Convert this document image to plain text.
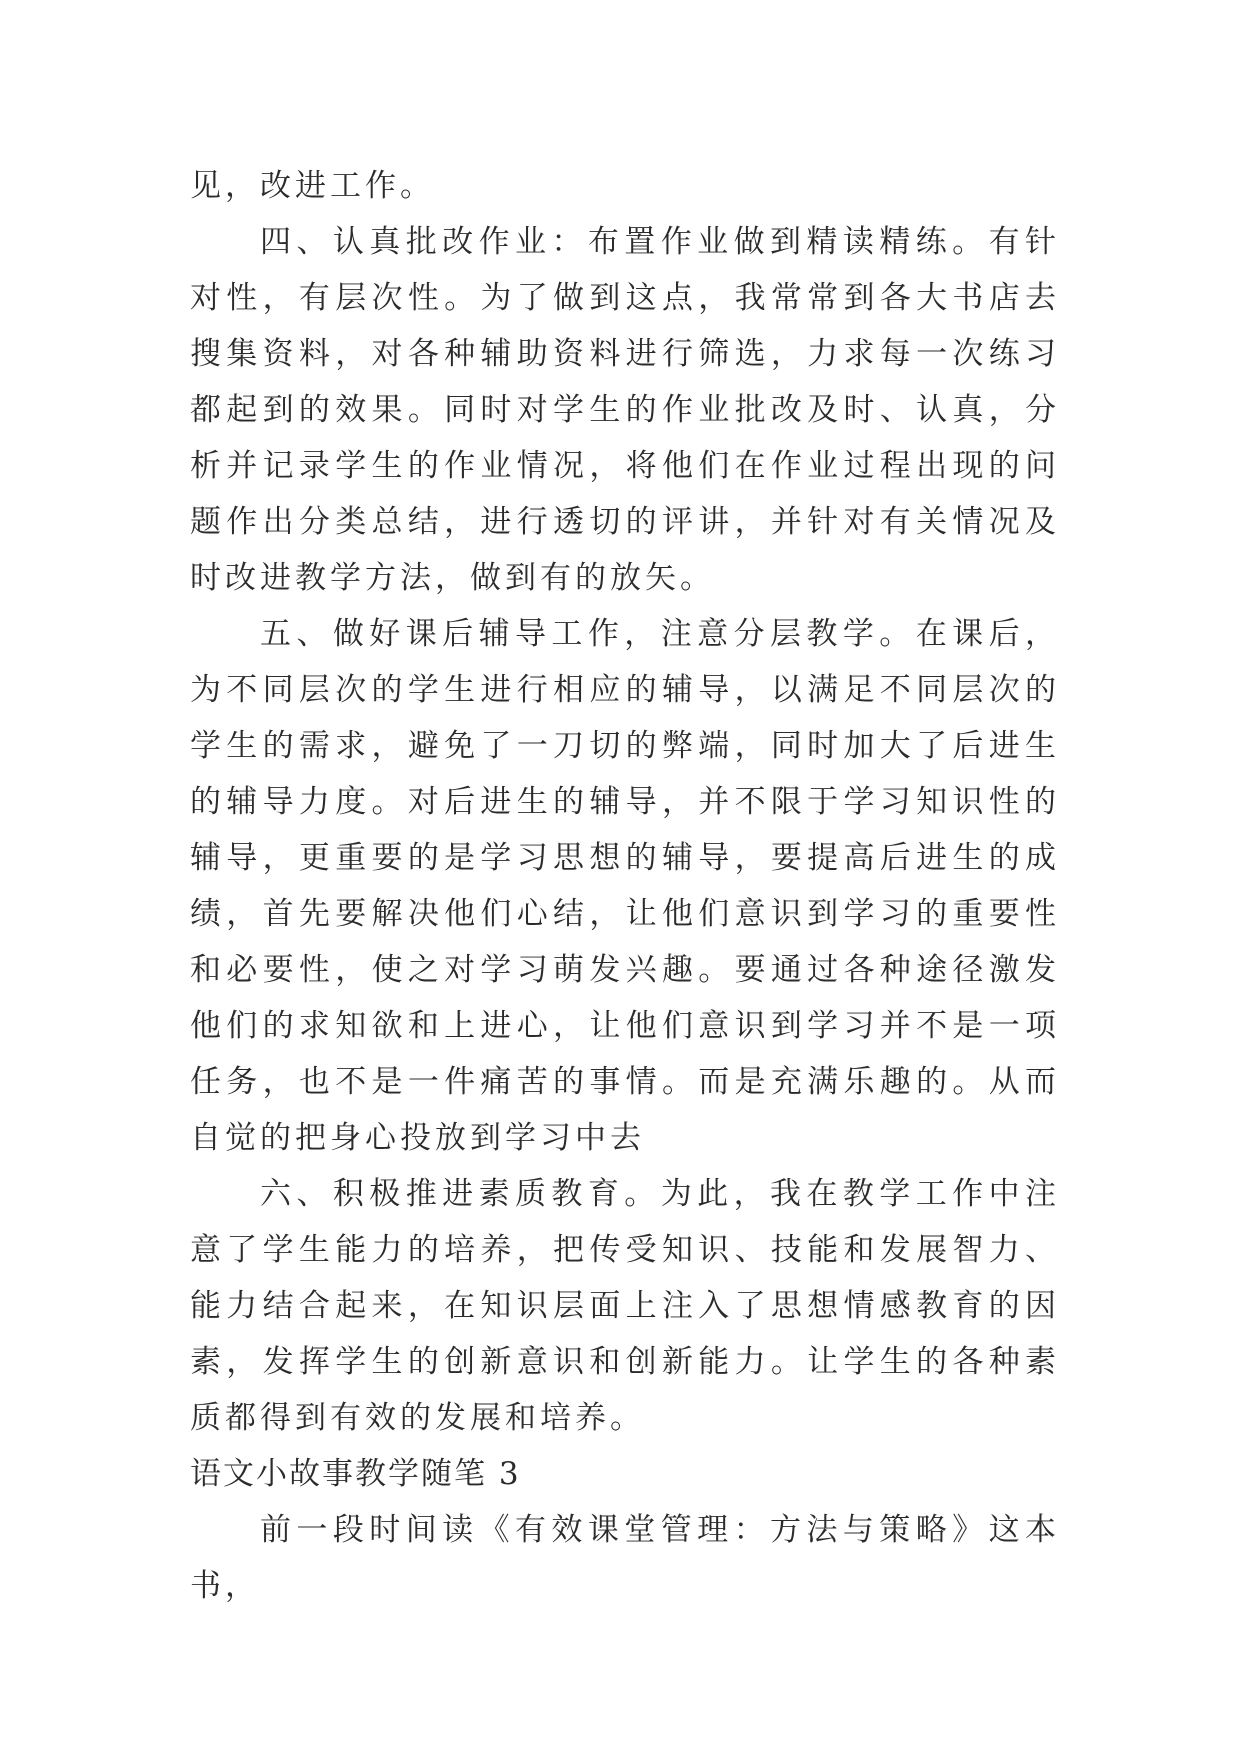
见，改进工作。

四、认真批改作业：布置作业做到精读精练。有针对性，有层次性。为了做到这点，我常常到各大书店去搜集资料，对各种辅助资料进行筛选，力求每一次练习都起到的效果。同时对学生的作业批改及时、认真，分析并记录学生的作业情况，将他们在作业过程出现的问题作出分类总结，进行透切的评讲，并针对有关情况及时改进教学方法，做到有的放矢。

五、做好课后辅导工作，注意分层教学。在课后，为不同层次的学生进行相应的辅导，以满足不同层次的学生的需求，避免了一刀切的弊端，同时加大了后进生的辅导力度。对后进生的辅导，并不限于学习知识性的辅导，更重要的是学习思想的辅导，要提高后进生的成绩，首先要解决他们心结，让他们意识到学习的重要性和必要性，使之对学习萌发兴趣。要通过各种途径激发他们的求知欲和上进心，让他们意识到学习并不是一项任务，也不是一件痛苦的事情。而是充满乐趣的。从而自觉的把身心投放到学习中去

六、积极推进素质教育。为此，我在教学工作中注意了学生能力的培养，把传受知识、技能和发展智力、能力结合起来，在知识层面上注入了思想情感教育的因素，发挥学生的创新意识和创新能力。让学生的各种素质都得到有效的发展和培养。

语文小故事教学随笔 3

前一段时间读《有效课堂管理：方法与策略》这本书，
